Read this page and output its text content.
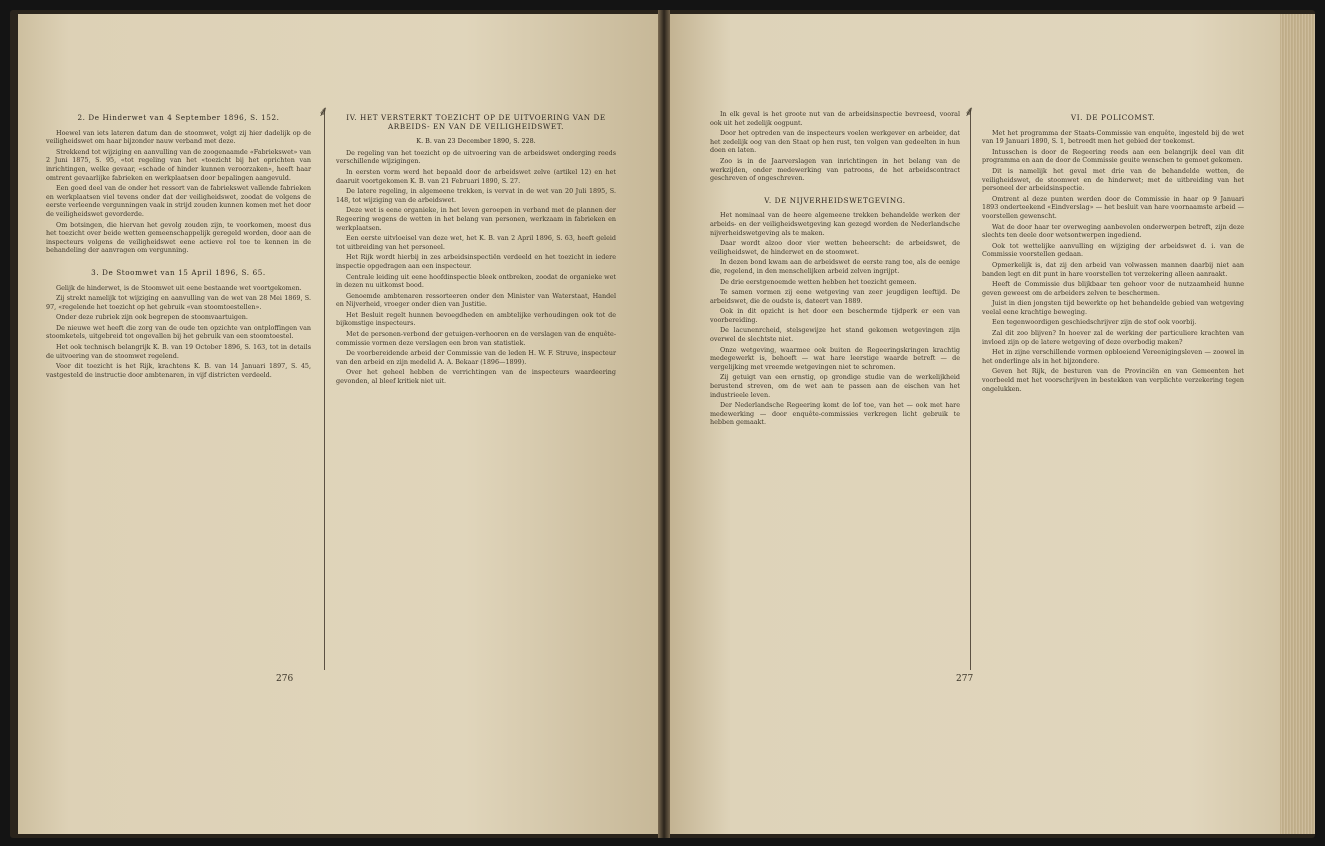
2. De Hinderwet van 4 September 1896, S. 152.

Hoewel van iets lateren datum dan de stoomwet, volgt zij hier dadelijk op de veiligheidswet om haar bijzonder nauw verband met deze.

Strekkend tot wijziging en aanvulling van de zoogenaamde «Fabriekswet» van 2 Juni 1875, S. 95, «tot regeling van het «toezicht bij het oprichten van inrichtingen, welke gevaar, «schade of hinder kunnen veroorzaken», heeft haar omtrent gevaarlijke fabrieken en werkplaatsen door bepalingen aangevuld.

Een goed deel van de onder het ressort van de fabriekswet vallende fabrieken en werkplaatsen viel tevens onder dat der veiligheidswet, zoodat de volgens de eerste verleende vergunningen vaak in strijd zouden kunnen komen met het door de veiligheidswet gevorderde.

Om botsingen, die hiervan het gevolg zouden zijn, te voorkomen, moest dus het toezicht over beide wetten gemeenschappelijk geregeld worden, door aan de inspecteurs volgens de veiligheidswet eene actieve rol toe te kennen in de behandeling der aanvragen om vergunning.

3. De Stoomwet van 15 April 1896, S. 65.

Gelijk de hinderwet, is de Stoomwet uit eene bestaande wet voortgekomen.

Zij strekt namelijk tot wijziging en aanvulling van de wet van 28 Mei 1869, S. 97, «regelende het toezicht op het gebruik «van stoomtoestellen».

Onder deze rubriek zijn ook begrepen de stoomvaartuigen.

De nieuwe wet heeft die zorg van de oude ten opzichte van ontploffingen van stoomketels, uitgebreid tot ongevallen bij het gebruik van een stoomtoestel.

Het ook technisch belangrijk K. B. van 19 October 1896, S. 163, tot in details de uitvoering van de stoomwet regelend.

Voor dit toezicht is het Rijk, krachtens K. B. van 14 Januari 1897, S. 45, vastgesteld de instructie door ambtenaren, in vijf districten verdeeld.

⸙	IV. HET VERSTERKT TOEZICHT OP DE UITVOERING VAN DE ARBEIDS- EN VAN DE VEILIGHEIDSWET.
K. B. van 23 December 1890, S. 228.

De regeling van het toezicht op de uitvoering van de arbeidswet onderging reeds verschillende wijzigingen.

In eersten vorm werd het bepaald door de arbeidswet zelve (artikel 12) en het daaruit voortgekomen K. B. van 21 Februari 1890, S. 27.

De latere regeling, in algemeene trekken, is vervat in de wet van 20 Juli 1895, S. 148, tot wijziging van de arbeidswet.

Deze wet is eene organieke, in het leven geroepen in verband met de plannen der Regeering wegens de wetten in het belang van personen, werkzaam in fabrieken en werkplaatsen.

Een eerste uitvloeisel van deze wet, het K. B. van 2 April 1896, S. 63, heeft geleid tot uitbreiding van het personeel.

Het Rijk wordt hierbij in zes arbeidsinspectiën verdeeld en het toezicht in iedere inspectie opgedragen aan een inspecteur.

Centrale leiding uit eene hoofdinspectie bleek ontbreken, zoodat de organieke wet in dezen nu uitkomst bood.

Genoemde ambtenaren ressorteeren onder den Minister van Waterstaat, Handel en Nijverheid, vroeger onder dien van Justitie.

Het Besluit regelt hunnen bevoegdheden en ambtelijke verhoudingen ook tot de bijkomstige inspecteurs.

Met de personen-verbond der getuigen-verhooren en de verslagen van de enquête-commissie vormen deze verslagen een bron van statistiek.

De voorbereidende arbeid der Commissie van de leden H. W. F. Struve, inspecteur van den arbeid en zijn medelid A. A. Bekaar (1896—1899).

Over het geheel hebben de verrichtingen van de inspecteurs waardeering gevonden, al bleef kritiek niet uit.

276

In elk geval is het groote nut van de arbeidsinspectie bevreesd, vooral ook uit het zedelijk oogpunt.

Door het optreden van de inspecteurs voelen werkgever en arbeider, dat het zedelijk oog van den Staat op hen rust, ten volgen van gedeelten in hun doen en laten.

Zoo is in de Jaarverslagen van inrichtingen in het belang van de werkzijden, onder medewerking van patroons, de het arbeidscontract geschreven of ongeschreven.

V. DE NIJVERHEIDSWETGEVING.

Het nominaal van de heere algemeene trekken behandelde werken der arbeids- en der veiligheidswetgeving kan gezegd worden de Nederlandsche nijverheidswetgeving als te maken.

Daar wordt alzoo door vier wetten beheerscht: de arbeidswet, de veiligheidswet, de hinderwet en de stoomwet.

In dezen bond kwam aan de arbeidswet de eerste rang toe, als de eenige die, regelend, in den menschelijken arbeid zelven ingrijpt.

De drie eerstgenoemde wetten hebben het toezicht gemeen.

Te samen vormen zij eene wetgeving van zeer jeugdigen leeftijd. De arbeidswet, die de oudste is, dateert van 1889.

Ook in dit opzicht is het door een beschermde tijdperk er een van voorbereiding.

De lacunenrcheid, stelsgewijze het stand gekomen wetgevingen zijn overwel de slechtste niet.

Onze wetgeving, waarmee ook buiten de Regeeringskringen krachtig medegewerkt is, behoeft — wat hare leerstige waarde betreft — de vergelijking met vreemde wetgevingen niet te schromen.

Zij getuigt van een ernstig, op grondige studie van de werkelijkheid berustend streven, om de wet aan te passen aan de eischen van het industrieele leven.

Der Nederlandsche Regeering komt de lof toe, van het — ook met hare medewerking — door enquête-commissies verkregen licht gebruik te hebben gemaakt.

⸙	VI. DE POLICOMST.

Met het programma der Staats-Commissie van enquête, ingesteld bij de wet van 19 Januari 1890, S. 1, betreedt men het gebied der toekomst.

Intusschen is door de Regeering reeds aan een belangrijk deel van dit programma en aan de door de Commissie geuite wenschen te gemoet gekomen.

Dit is namelijk het geval met drie van de behandelde wetten, de veiligheidswet, de stoomwet en de hinderwet; met de uitbreiding van het personeel der arbeidsinspectie.

Omtrent al deze punten werden door de Commissie in haar op 9 Januari 1893 onderteekend «Eindverslag» — het besluit van hare voornaamste arbeid — voorstellen gewenscht.

Wat de door haar ter overweging aanbevolen onderwerpen betreft, zijn deze slechts ten deele door wetsontwerpen ingediend.

Ook tot wettelijke aanvulling en wijziging der arbeidswet d. i. van de Commissie voorstellen gedaan.

Opmerkelijk is, dat zij den arbeid van volwassen mannen daarbij niet aan banden legt en dit punt in hare voorstellen tot verzekering alleen aanraakt.

Heeft de Commissie dus blijkbaar ten gehoor voor de nutzaamheid hunne geven geweest om de arbeiders zelven te beschermen.

Juist in dien jongsten tijd bewerkte op het behandelde gebied van wetgeving veelal eene krachtige beweging.

Een tegenwoordigen geschiedschrijver zijn de stof ook voorbij.

Zal dit zoo blijven? In hoever zal de werking der particuliere krachten van invloed zijn op de latere wetgeving of deze overbodig maken?

Het in zijne verschillende vormen opbloeiend Vereenigingsleven — zoowel in het onderlinge als in het bijzondere.

Geven het Rijk, de besturen van de Provinciën en van Gemeenten het voorbeeld met het voorschrijven in bestekken van verplichte verzekering tegen ongelukken.

277
